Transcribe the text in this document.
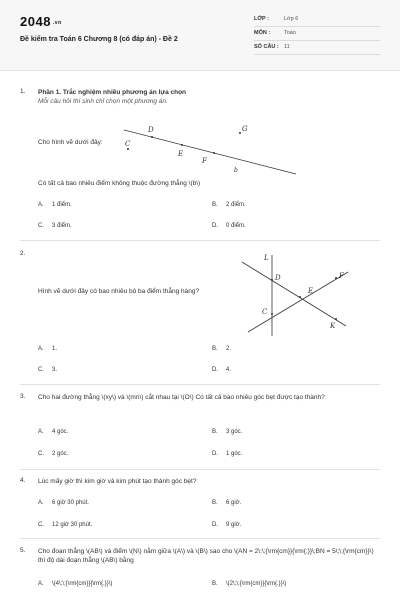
2048 .vn
Đề kiểm tra Toán 6 Chương 8 (có đáp án) - Đề 2
LỚP :	Lớp 6
MÔN :	Toán
SỐ CÂU : 11
1. Phần 1. Trắc nghiệm nhiều phương án lựa chọn
Mỗi câu hỏi thí sinh chỉ chọn một phương án.
Cho hình vẽ dưới đây:
D
C
E
G
F
b
Có tất cả bao nhiêu điểm không thuộc đường thẳng \(b\)
A. 1 điểm.	B. 2 điểm.
C. 3 điểm.	D. 0 điểm.
2.
L
D	F
E
C
K
Hình vẽ dưới đây có bao nhiêu bộ ba điểm thẳng hàng?
A. 1.	B. 2.
C. 3.	D. 4.
3. Cho hai đường thẳng \(xy\) và \(mn\) cắt nhau tại \(O\) Có tất cả bao nhiêu góc bẹt được tạo thành?
A. 4 góc.	B. 3 góc.
C. 2 góc.	D. 1 góc.
4. Lúc mấy giờ thì kim giờ và kim phút tạo thành góc bẹt?
A. 6 giờ 30 phút.	B. 6 giờ.
C. 12 giờ 30 phút.	D. 9 giờ.
5. Cho đoạn thẳng \(AB\) và điểm \(N\) nằm giữa \(A\) và \(B\) sao cho \(AN = 2\;\;{\rm{cm}}{\rm{;}}\;BN = 5\;\;{\rm{cm}}\) thì độ dài đoạn thẳng \(AB\) bằng
A. \(4\;\;{\rm{cm}}{\rm{.}}\)	B. \(2\;\;{\rm{cm}}{\rm{.}}\)
